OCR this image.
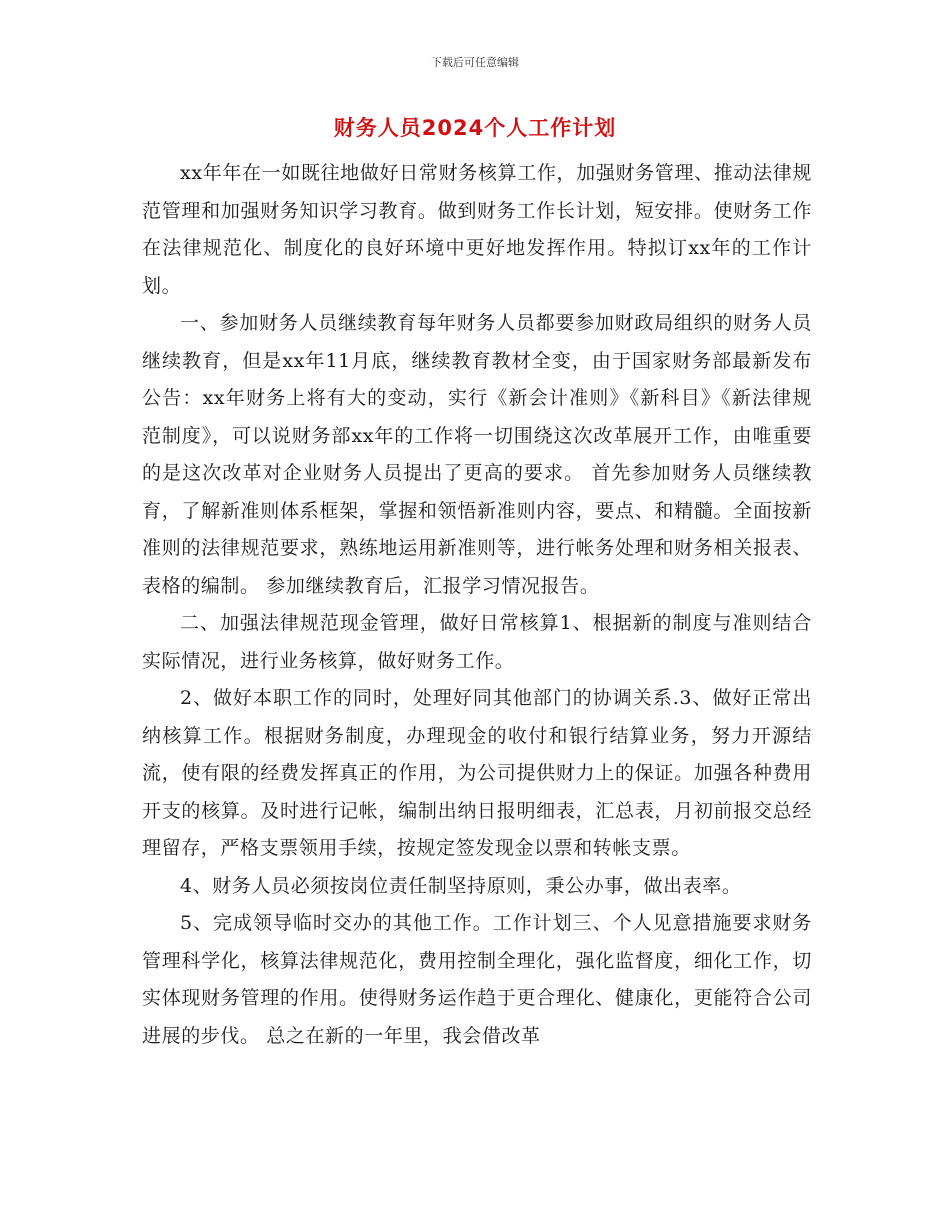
下载后可任意编辑
财务人员2024个人工作计划

xx年年在一如既往地做好日常财务核算工作，加强财务管理、推动法律规范管理和加强财务知识学习教育。做到财务工作长计划，短安排。使财务工作在法律规范化、制度化的良好环境中更好地发挥作用。特拟订xx年的工作计划。

一、参加财务人员继续教育每年财务人员都要参加财政局组织的财务人员继续教育，但是xx年11月底，继续教育教材全变，由于国家财务部最新发布公告：xx年财务上将有大的变动，实行《新会计准则》《新科目》《新法律规范制度》，可以说财务部xx年的工作将一切围绕这次改革展开工作，由唯重要的是这次改革对企业财务人员提出了更高的要求。 首先参加财务人员继续教育，了解新准则体系框架，掌握和领悟新准则内容，要点、和精髓。全面按新准则的法律规范要求，熟练地运用新准则等，进行帐务处理和财务相关报表、表格的编制。 参加继续教育后，汇报学习情况报告。

二、加强法律规范现金管理，做好日常核算1、根据新的制度与准则结合实际情况，进行业务核算，做好财务工作。

2、做好本职工作的同时，处理好同其他部门的协调关系.3、做好正常出纳核算工作。根据财务制度，办理现金的收付和银行结算业务，努力开源结流，使有限的经费发挥真正的作用，为公司提供财力上的保证。加强各种费用开支的核算。及时进行记帐，编制出纳日报明细表，汇总表，月初前报交总经理留存，严格支票领用手续，按规定签发现金以票和转帐支票。

4、财务人员必须按岗位责任制坚持原则，秉公办事，做出表率。

5、完成领导临时交办的其他工作。工作计划三、个人见意措施要求财务管理科学化，核算法律规范化，费用控制全理化，强化监督度，细化工作，切实体现财务管理的作用。使得财务运作趋于更合理化、健康化，更能符合公司进展的步伐。 总之在新的一年里，我会借改革
